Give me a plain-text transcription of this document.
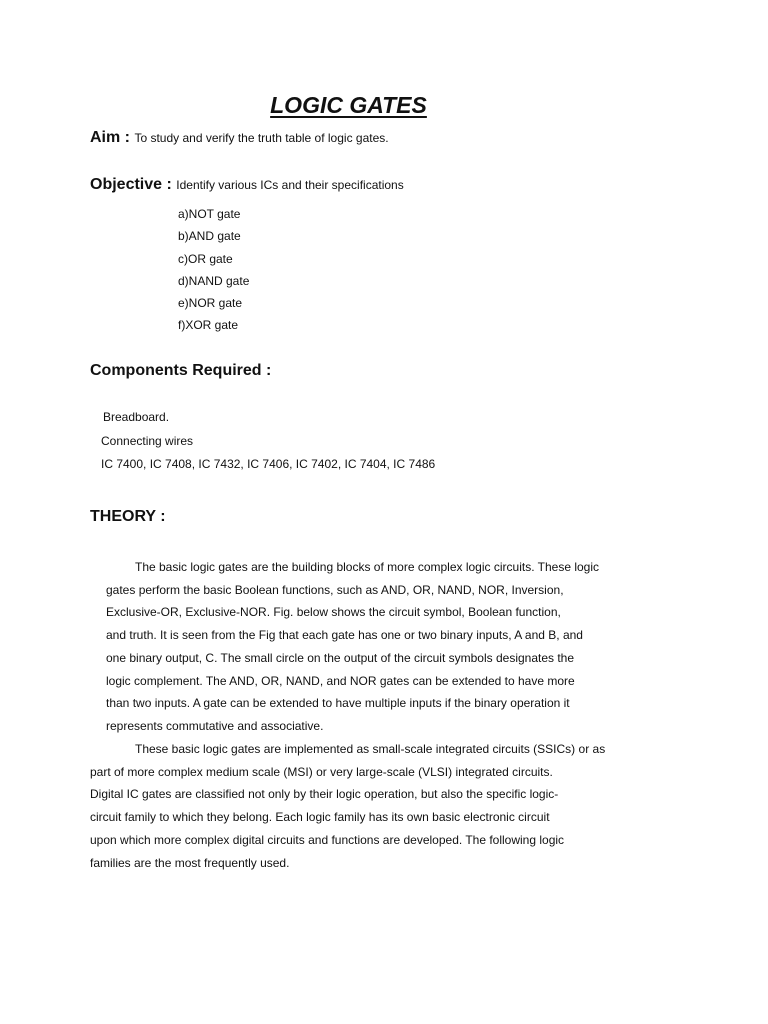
LOGIC GATES
Aim : To study and verify the truth table of logic gates.
Objective : Identify various ICs and their specifications
a)NOT gate
b)AND gate
c)OR gate
d)NAND gate
e)NOR gate
f)XOR gate
Components Required :
Breadboard.
Connecting wires
IC 7400, IC 7408, IC 7432, IC 7406, IC 7402, IC 7404, IC 7486
THEORY :
The basic logic gates are the building blocks of more complex logic circuits. These logic
gates perform the basic Boolean functions, such as AND, OR, NAND, NOR, Inversion,
Exclusive-OR, Exclusive-NOR. Fig. below shows the circuit symbol, Boolean function,
and truth. It is seen from the Fig that each gate has one or two binary inputs, A and B, and
one binary output, C. The small circle on the output of the circuit symbols designates the
logic complement. The AND, OR, NAND, and NOR gates can be extended to have more
than two inputs. A gate can be extended to have multiple inputs if the binary operation it
represents commutative and associative.
These basic logic gates are implemented as small-scale integrated circuits (SSICs) or as
part of more complex medium scale (MSI) or very large-scale (VLSI) integrated circuits.
Digital IC gates are classified not only by their logic operation, but also the specific logic-
circuit family to which they belong. Each logic family has its own basic electronic circuit
upon which more complex digital circuits and functions are developed. The following logic
families are the most frequently used.
